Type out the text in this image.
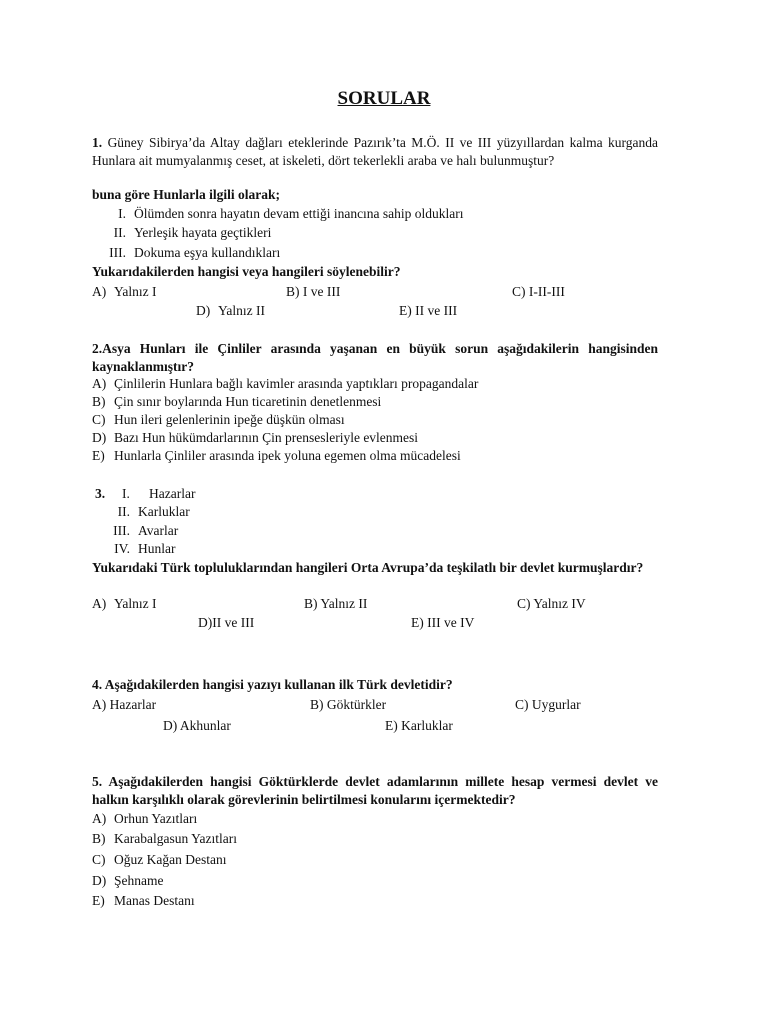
SORULAR

1. Güney Sibirya’da Altay dağları eteklerinde Pazırık’ta M.Ö. II ve III yüzyıllardan kalma kurganda Hunlara ait mumyalanmış ceset, at iskeleti, dört tekerlekli araba ve halı bulunmuştur?

buna göre Hunlarla ilgili olarak;
I. Ölümden sonra hayatın devam ettiği inancına sahip oldukları
II. Yerleşik hayata geçtikleri
III. Dokuma eşya kullandıkları
Yukarıdakilerden hangisi veya hangileri söylenebilir?
A) Yalnız I	B) I ve III	C) I-II-III
D) Yalnız II	E) II ve III

2.Asya Hunları ile Çinliler arasında yaşanan en büyük sorun aşağıdakilerin hangisinden kaynaklanmıştır?

A) Çinlilerin Hunlara bağlı kavimler arasında yaptıkları propagandalar
B) Çin sınır boylarında Hun ticaretinin denetlenmesi
C) Hun ileri gelenlerinin ipeğe düşkün olması
D) Bazı Hun hükümdarlarının Çin prensesleriyle evlenmesi
E) Hunlarla Çinliler arasında ipek yoluna egemen olma mücadelesi
3. I. Hazarlar
II. Karluklar
III. Avarlar
IV. Hunlar

Yukarıdaki Türk topluluklarından hangileri Orta Avrupa’da teşkilatlı bir devlet kurmuşlardır?

A) Yalnız I	B) Yalnız II	C) Yalnız IV
D)II ve III	E) III ve IV
4. Aşağıdakilerden hangisi yazıyı kullanan ilk Türk devletidir?
A) Hazarlar	B) Göktürkler	C) Uygurlar
D) Akhunlar	E) Karluklar

5. Aşağıdakilerden hangisi Göktürklerde devlet adamlarının millete hesap vermesi devlet ve halkın karşılıklı olarak görevlerinin belirtilmesi konularını içermektedir?

A) Orhun Yazıtları
B) Karabalgasun Yazıtları
C) Oğuz Kağan Destanı
D) Şehname
E) Manas Destanı
